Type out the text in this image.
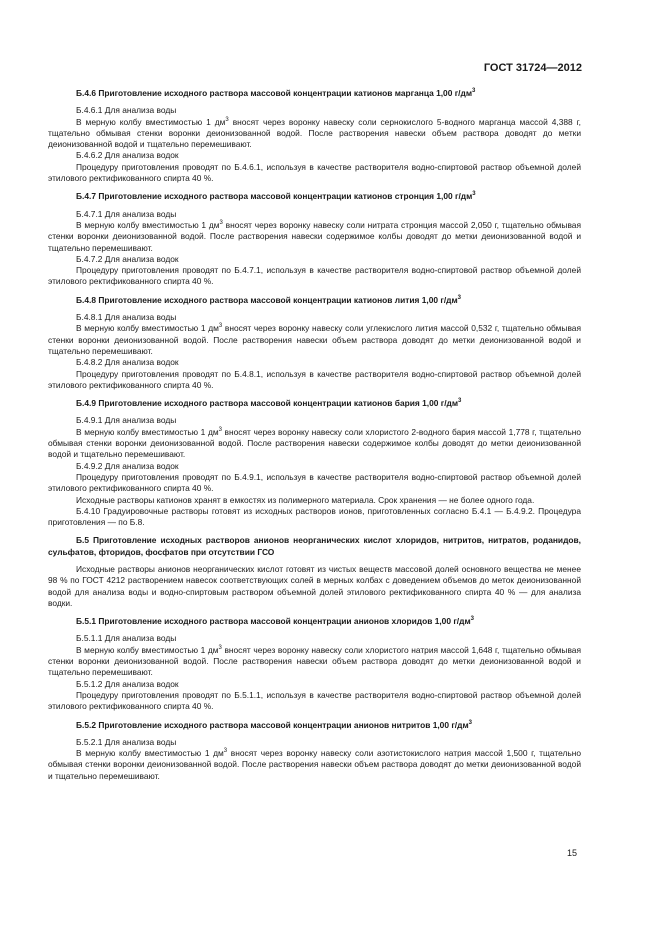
ГОСТ 31724—2012
Б.4.6 Приготовление исходного раствора массовой концентрации катионов марганца 1,00 $г/дм^3$
Б.4.6.1 Для анализа воды
В мерную колбу вместимостью 1 $дм^3$ вносят через воронку навеску соли сернокислого 5-водного марганца массой 4,388 г, тщательно обмывая стенки воронки деионизованной водой. После растворения навески объем раствора доводят до метки деионизованной водой и тщательно перемешивают.
Б.4.6.2 Для анализа водок
Процедуру приготовления проводят по Б.4.6.1, используя в качестве растворителя водно-спиртовой раствор объемной долей этилового ректификованного спирта 40 %.
Б.4.7 Приготовление исходного раствора массовой концентрации катионов стронция 1,00 $г/дм^3$
Б.4.7.1 Для анализа воды
В мерную колбу вместимостью 1 $дм^3$ вносят через воронку навеску соли нитрата стронция массой 2,050 г, тщательно обмывая стенки воронки деионизованной водой. После растворения навески содержимое колбы доводят до метки деионизованной водой и тщательно перемешивают.
Б.4.7.2 Для анализа водок
Процедуру приготовления проводят по Б.4.7.1, используя в качестве растворителя водно-спиртовой раствор объемной долей этилового ректификованного спирта 40 %.
Б.4.8 Приготовление исходного раствора массовой концентрации катионов лития 1,00 $г/дм^3$
Б.4.8.1 Для анализа воды
В мерную колбу вместимостью 1 $дм^3$ вносят через воронку навеску соли углекислого лития массой 0,532 г, тщательно обмывая стенки воронки деионизованной водой. После растворения навески объем раствора доводят до метки деионизованной водой и тщательно перемешивают.
Б.4.8.2 Для анализа водок
Процедуру приготовления проводят по Б.4.8.1, используя в качестве растворителя водно-спиртовой раствор объемной долей этилового ректификованного спирта 40 %.
Б.4.9 Приготовление исходного раствора массовой концентрации катионов бария 1,00 $г/дм^3$
Б.4.9.1 Для анализа воды
В мерную колбу вместимостью 1 $дм^3$ вносят через воронку навеску соли хлористого 2-водного бария массой 1,778 г, тщательно обмывая стенки воронки деионизованной водой. После растворения навески содержимое колбы доводят до метки деионизованной водой и тщательно перемешивают.
Б.4.9.2 Для анализа водок
Процедуру приготовления проводят по Б.4.9.1, используя в качестве растворителя водно-спиртовой раствор объемной долей этилового ректификованного спирта 40 %.
Исходные растворы катионов хранят в емкостях из полимерного материала. Срок хранения — не более одного года.
Б.4.10 Градуировочные растворы готовят из исходных растворов ионов, приготовленных согласно Б.4.1 — Б.4.9.2. Процедура приготовления — по Б.8.
Б.5 Приготовление исходных растворов анионов неорганических кислот хлоридов, нитритов, нитратов, роданидов, сульфатов, фторидов, фосфатов при отсутствии ГСО
Исходные растворы анионов неорганических кислот готовят из чистых веществ массовой долей основного вещества не менее 98 % по ГОСТ 4212 растворением навесок соответствующих солей в мерных колбах с доведением объемов до меток деионизованной водой для анализа воды и водно-спиртовым раствором объемной долей этилового ректификованного спирта 40 % — для анализа водки.
Б.5.1 Приготовление исходного раствора массовой концентрации анионов хлоридов 1,00 $г/дм^3$
Б.5.1.1 Для анализа воды
В мерную колбу вместимостью 1 $дм^3$ вносят через воронку навеску соли хлористого натрия массой 1,648 г, тщательно обмывая стенки воронки деионизованной водой. После растворения навески объем раствора доводят до метки деионизованной водой и тщательно перемешивают.
Б.5.1.2 Для анализа водок
Процедуру приготовления проводят по Б.5.1.1, используя в качестве растворителя водно-спиртовой раствор объемной долей этилового ректификованного спирта 40 %.
Б.5.2 Приготовление исходного раствора массовой концентрации анионов нитритов 1,00 $г/дм^3$
Б.5.2.1 Для анализа воды
В мерную колбу вместимостью 1 $дм^3$ вносят через воронку навеску соли азотистокислого натрия массой 1,500 г, тщательно обмывая стенки воронки деионизованной водой. После растворения навески объем раствора доводят до метки деионизованной водой и тщательно перемешивают.
15
